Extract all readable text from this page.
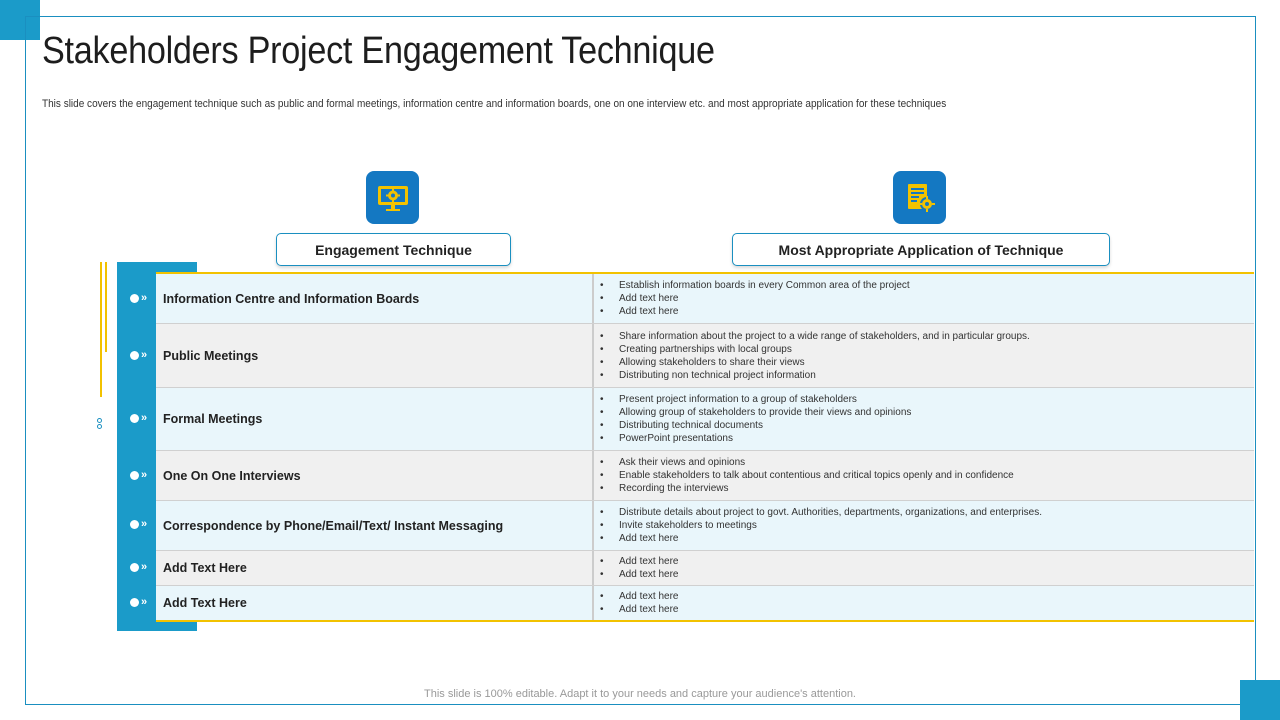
Stakeholders Project Engagement Technique
This slide covers the engagement technique such as public and formal meetings, information centre and information boards, one on one interview etc. and most appropriate application for these techniques
Engagement Technique	Most Appropriate Application of Technique
Information Centre and Information Boards
•	Establish information boards in every Common area of the project
•	Add text here
•	Add text here
Public Meetings
•	Share information about the project to a wide range of stakeholders, and in particular groups.
•	Creating partnerships with local groups
•	Allowing stakeholders to share their views
•	Distributing non technical project information
Formal Meetings
•	Present project information to a group of stakeholders
•	Allowing group of stakeholders to provide their views and opinions
•	Distributing technical documents
•	PowerPoint presentations
One On One Interviews
•	Ask their views and opinions
•	Enable stakeholders to talk about contentious and critical topics openly and in confidence
•	Recording the interviews
Correspondence by Phone/Email/Text/ Instant Messaging
•	Distribute details about project to govt. Authorities, departments, organizations, and enterprises.
•	Invite stakeholders to meetings
•	Add text here
Add Text Here	•	Add text here
•	Add text here
Add Text Here	•	Add text here
•	Add text here
»
»
»
»
»
»
»
This slide is 100% editable. Adapt it to your needs and capture your audience's attention.
